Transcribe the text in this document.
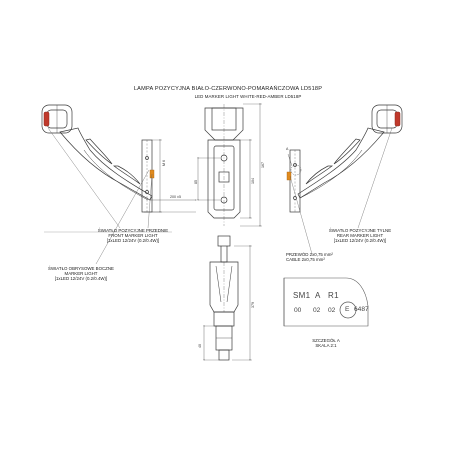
LAMPA POZYCYJNA BIAŁO-CZERWONO-POMARAŃCZOWA LD518P
LED MARKER LIGHT WHITE-RED-AMBER LD518P
167
104
85
M 6
200 ±5
379
40
A
ŚWIATŁO POZYCYJNE PRZEDNIE
FRONT MARKER LIGHT
[1xLED 12/24V (0.2/0.4W)]
ŚWIATŁO OBRYSOWE BOCZNE
MARKER LIGHT
[1xLED 12/24V (0.2/0.4W)]
ŚWIATŁO POZYCYJNE TYLNE
REAR MARKER LIGHT
[1xLED 12/24V (0.2/0.4W)]
PRZEWÓD 2x0,75 mm²
CABLE 2x0,75 mm²
SM1 A R1
00 02 02 E 6487
SZCZEGÓŁ A
SKALA 2:1
